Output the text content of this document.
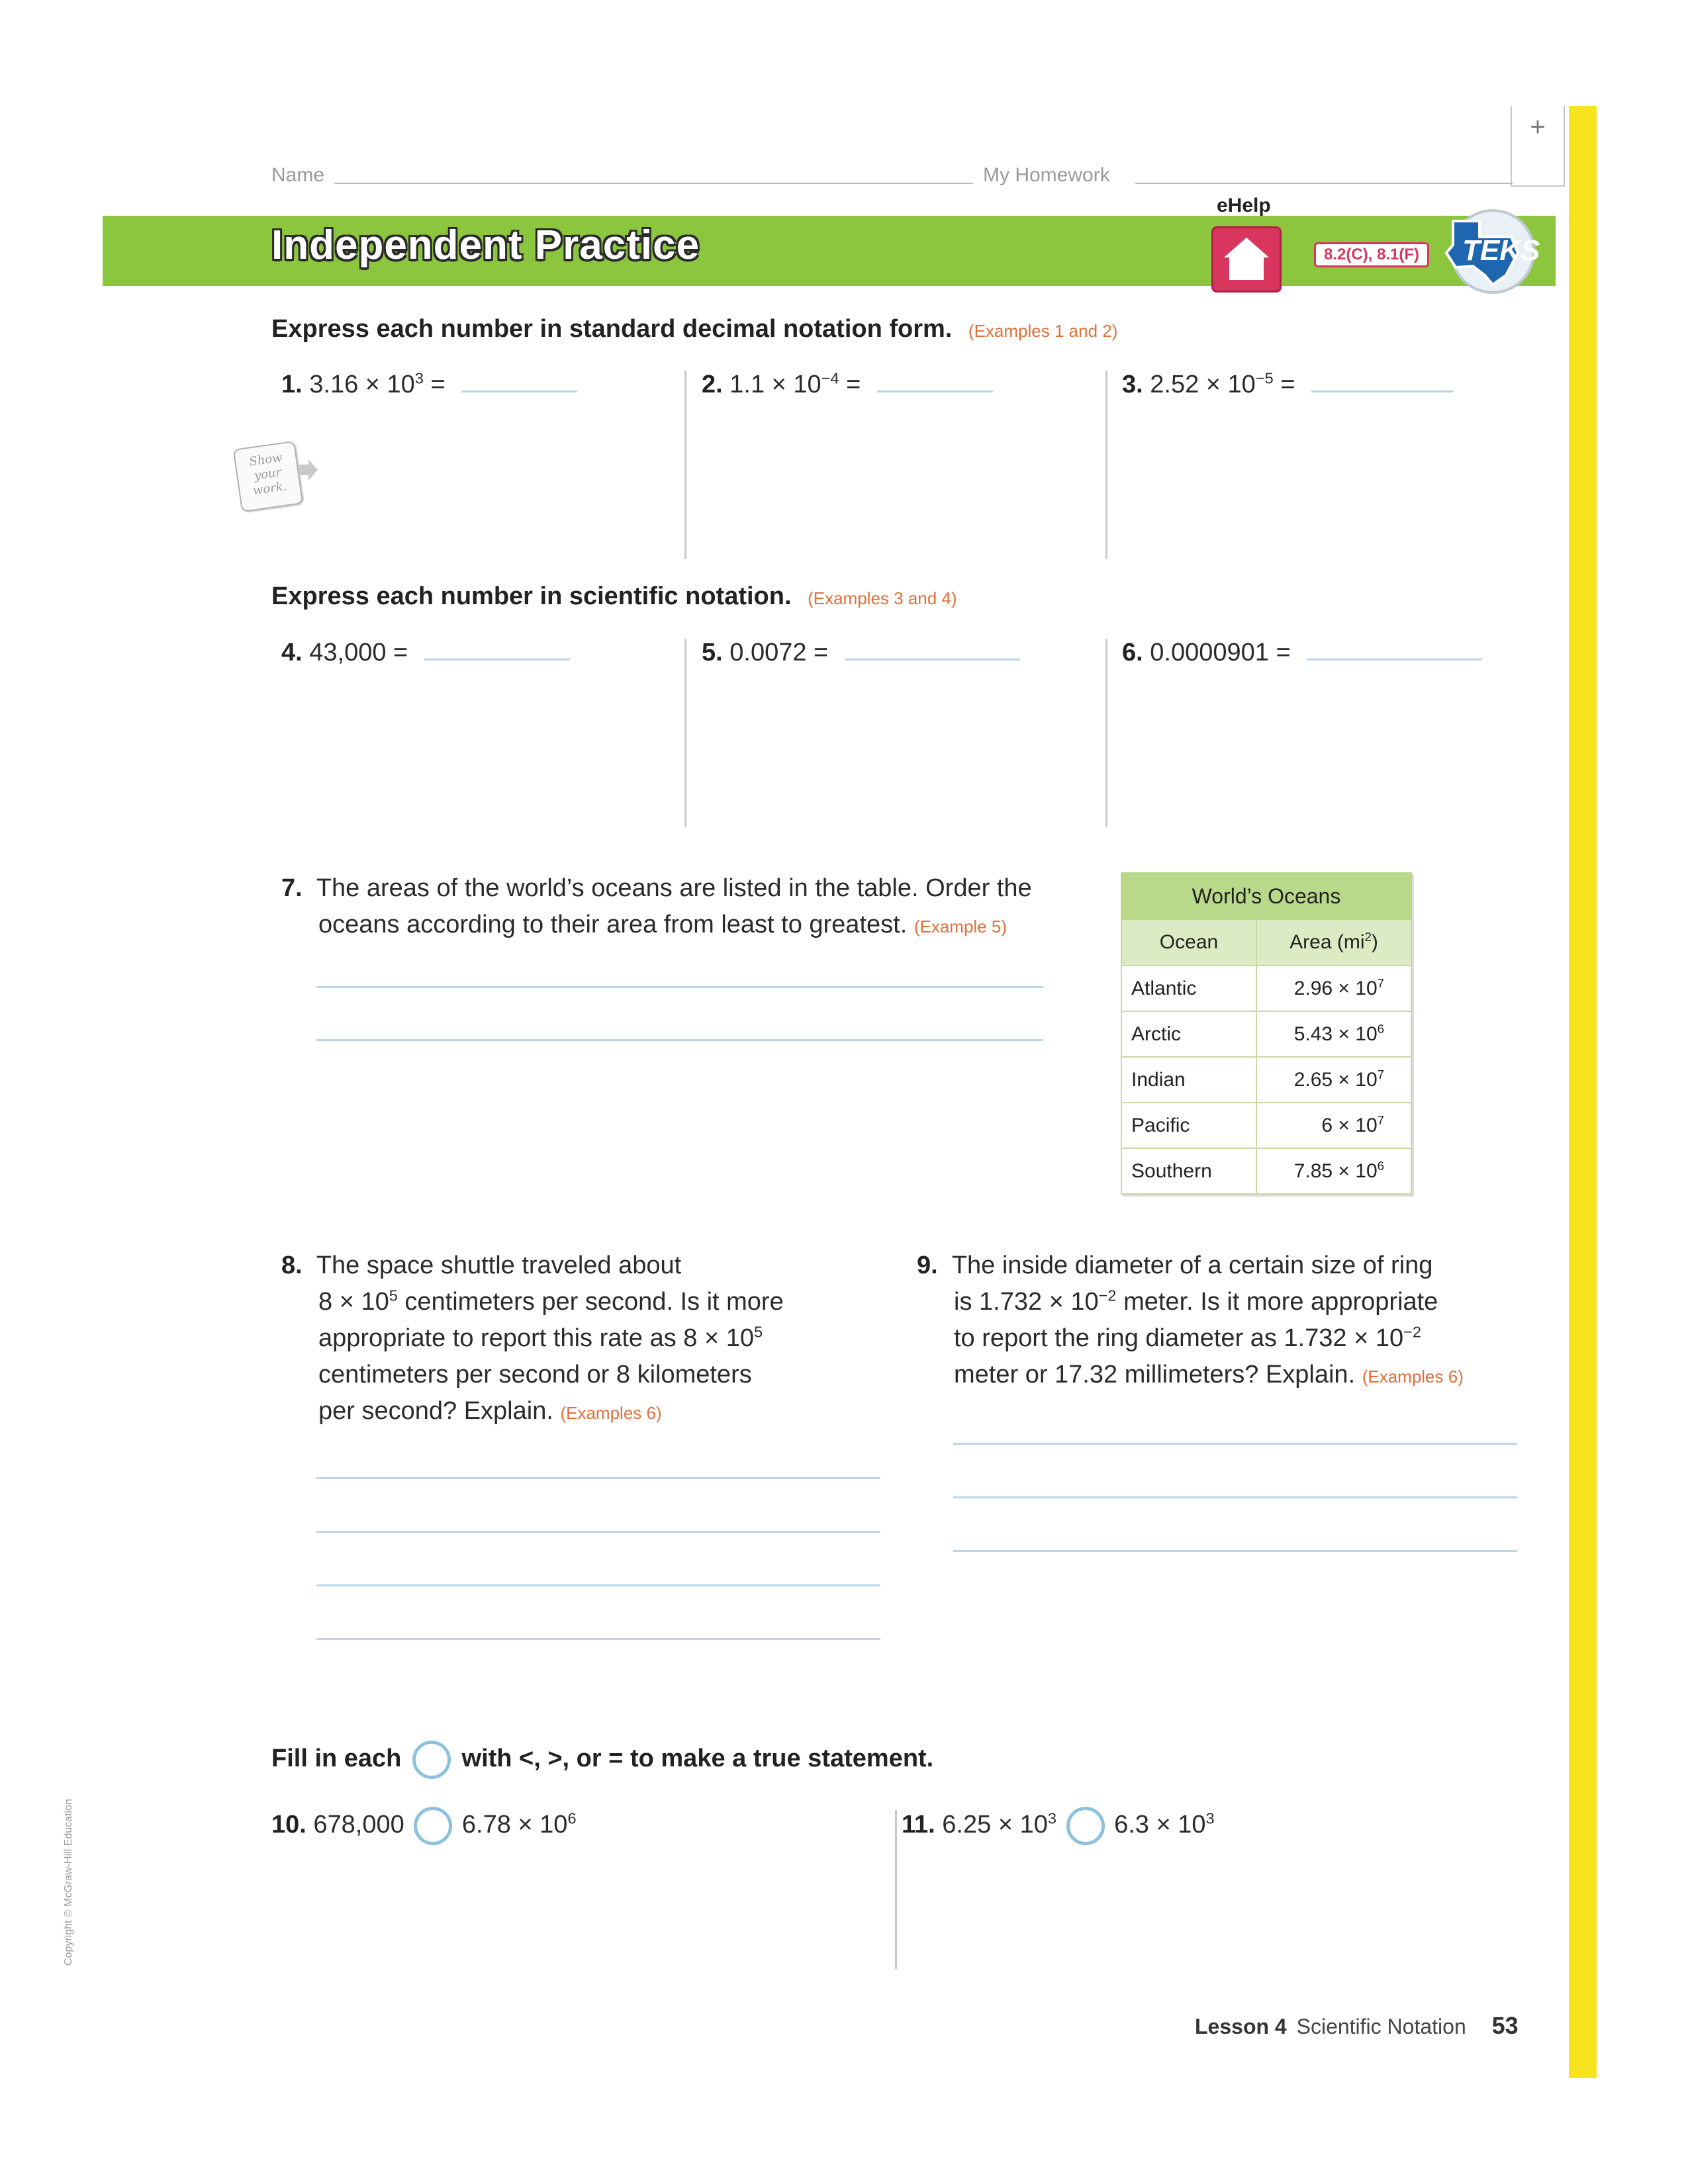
+
Name	My Homework
Independent Practice
eHelp
8.2(C), 8.1(F)	TEKS
Express each number in standard decimal notation form. (Examples 1 and 2)
1. $3.16 \times 10^3$ =	2. $1.1 \times 10^{-4}$ =	3. $2.52 \times 10^{-5}$ =
Show your work.
Express each number in scientific notation. (Examples 3 and 4)
4. 43,000 =	5. 0.0072 =	6. 0.0000901 =
7. The areas of the world’s oceans are listed in the table. Order the
oceans according to their area from least to greatest. (Example 5)
World’s Oceans	
Ocean	Area $(mi^2)$
Atlantic	$2.96 \times 10^7$
Arctic	$5.43 \times 10^6$
Indian	$2.65 \times 10^7$
Pacific	$6 \times 10^7$
Southern	$7.85 \times 10^6$
8. The space shuttle traveled about
$8 \times 10^5$ centimeters per second. Is it more
appropriate to report this rate as $8 \times 10^5$
centimeters per second or 8 kilometers
per second? Explain. (Examples 6)
9. The inside diameter of a certain size of ring
is $1.732 \times 10^{-2}$ meter. Is it more appropriate
to report the ring diameter as $1.732 \times 10^{-2}$
meter or 17.32 millimeters? Explain. (Examples 6)
Fill in each with <, >, or = to make a true statement.
10. 678,000 $6.78 \times 10^6$	11. $6.25 \times 10^3$ $6.3 \times 10^3$
Copyright © McGraw-Hill Education
Lesson 4 Scientific Notation 53
